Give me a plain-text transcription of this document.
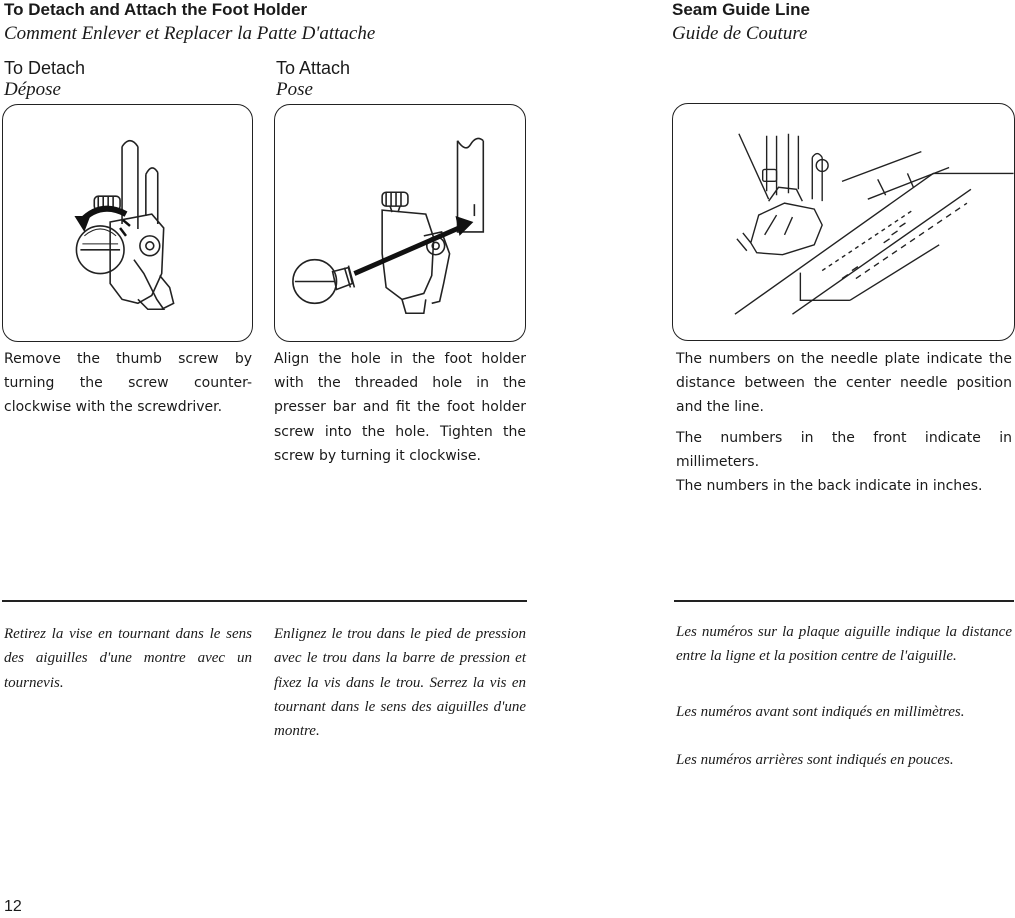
To Detach and Attach the Foot Holder
Comment Enlever et Replacer la Patte D'attache
To Detach
Dépose
To Attach
Pose
Seam Guide Line
Guide de Couture

Remove the thumb screw by turning the screw counter-clockwise with the screwdriver.

Align the hole in the foot holder with the threaded hole in the presser bar and fit the foot holder screw into the hole. Tighten the screw by turning it clockwise.

The numbers on the needle plate indicate the distance between the center needle position and the line.

The numbers in the front indicate in millimeters.

The numbers in the back indicate in inches.

Retirez la vise en tournant dans le sens des aiguilles d'une montre avec un tournevis.

Enlignez le trou dans le pied de pression avec le trou dans la barre de pression et fixez la vis dans le trou. Serrez la vis en tournant dans le sens des aiguilles d'une montre.

Les numéros sur la plaque aiguille indique la distance entre la ligne et la position centre de l'aiguille.

Les numéros avant sont indiqués en millimètres.

Les numéros arrières sont indiqués en pouces.

12
